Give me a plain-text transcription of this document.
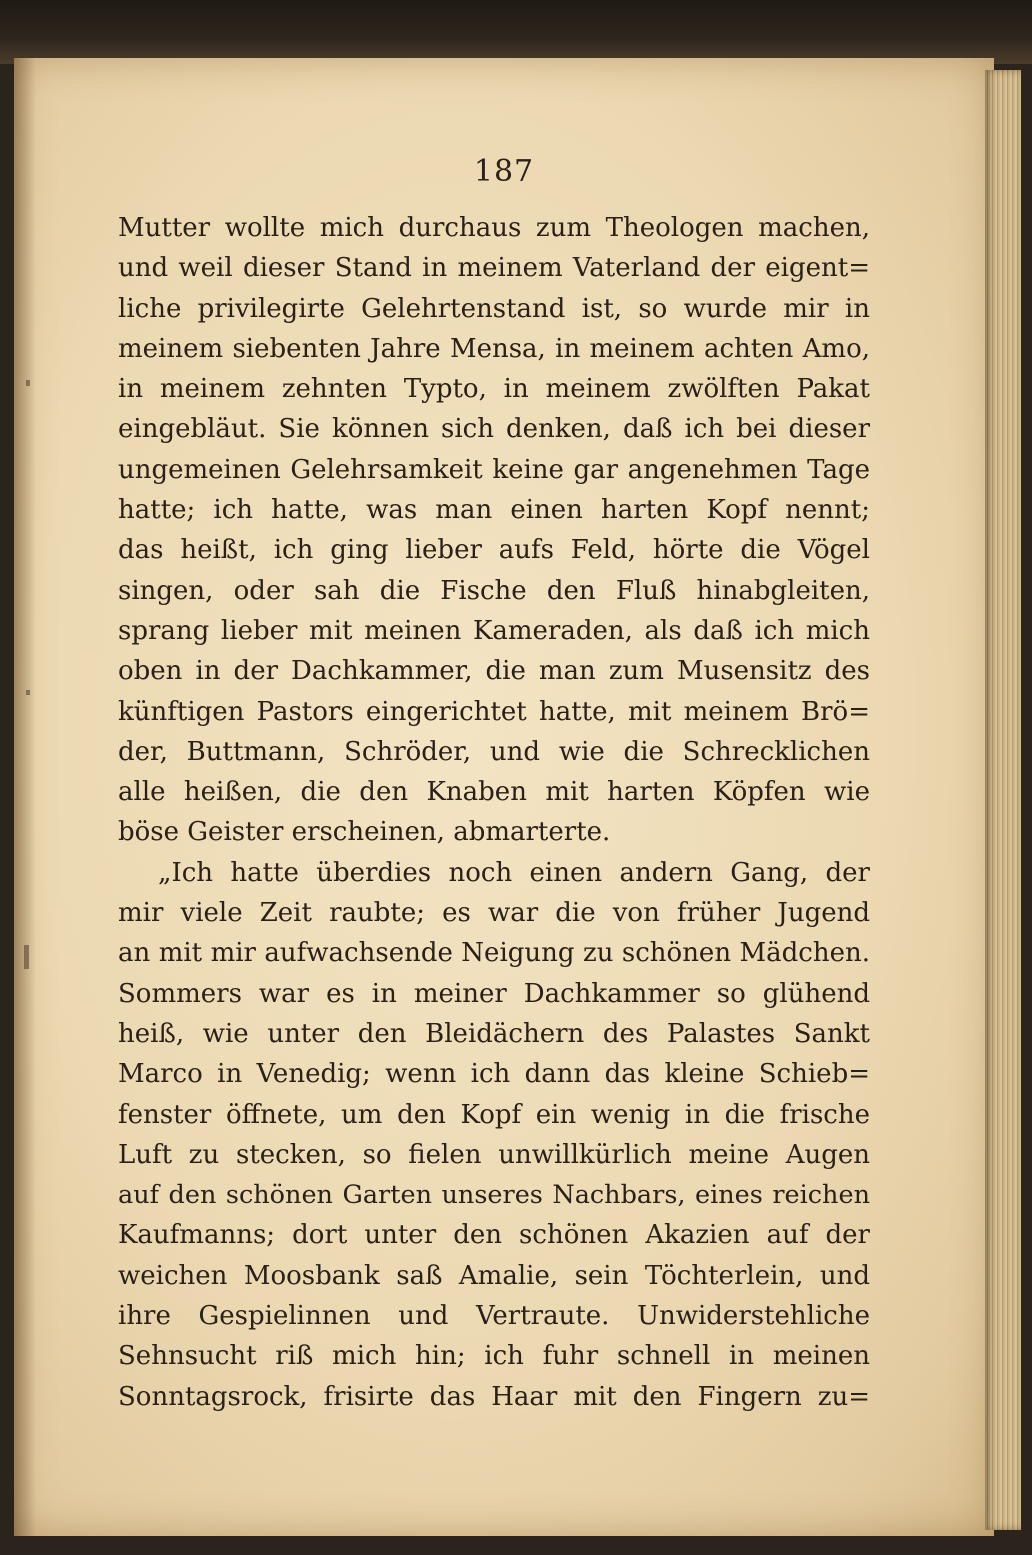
187
Mutter wollte mich durchaus zum Theologen machen,
und weil dieser Stand in meinem Vaterland der eigent=
liche privilegirte Gelehrtenstand ist, so wurde mir in
meinem siebenten Jahre Mensa, in meinem achten Amo,
in meinem zehnten Typto, in meinem zwölften Pakat
eingebläut. Sie können sich denken, daß ich bei dieser
ungemeinen Gelehrsamkeit keine gar angenehmen Tage
hatte; ich hatte, was man einen harten Kopf nennt;
das heißt, ich ging lieber aufs Feld, hörte die Vögel
singen, oder sah die Fische den Fluß hinabgleiten,
sprang lieber mit meinen Kameraden, als daß ich mich
oben in der Dachkammer, die man zum Musensitz des
künftigen Pastors eingerichtet hatte, mit meinem Brö=
der, Buttmann, Schröder, und wie die Schrecklichen
alle heißen, die den Knaben mit harten Köpfen wie
böse Geister erscheinen, abmarterte.
„Ich hatte überdies noch einen andern Gang, der
mir viele Zeit raubte; es war die von früher Jugend
an mit mir aufwachsende Neigung zu schönen Mädchen.
Sommers war es in meiner Dachkammer so glühend
heiß, wie unter den Bleidächern des Palastes Sankt
Marco in Venedig; wenn ich dann das kleine Schieb=
fenster öffnete, um den Kopf ein wenig in die frische
Luft zu stecken, so fielen unwillkürlich meine Augen
auf den schönen Garten unseres Nachbars, eines reichen
Kaufmanns; dort unter den schönen Akazien auf der
weichen Moosbank saß Amalie, sein Töchterlein, und
ihre Gespielinnen und Vertraute. Unwiderstehliche
Sehnsucht riß mich hin; ich fuhr schnell in meinen
Sonntagsrock, frisirte das Haar mit den Fingern zu=
